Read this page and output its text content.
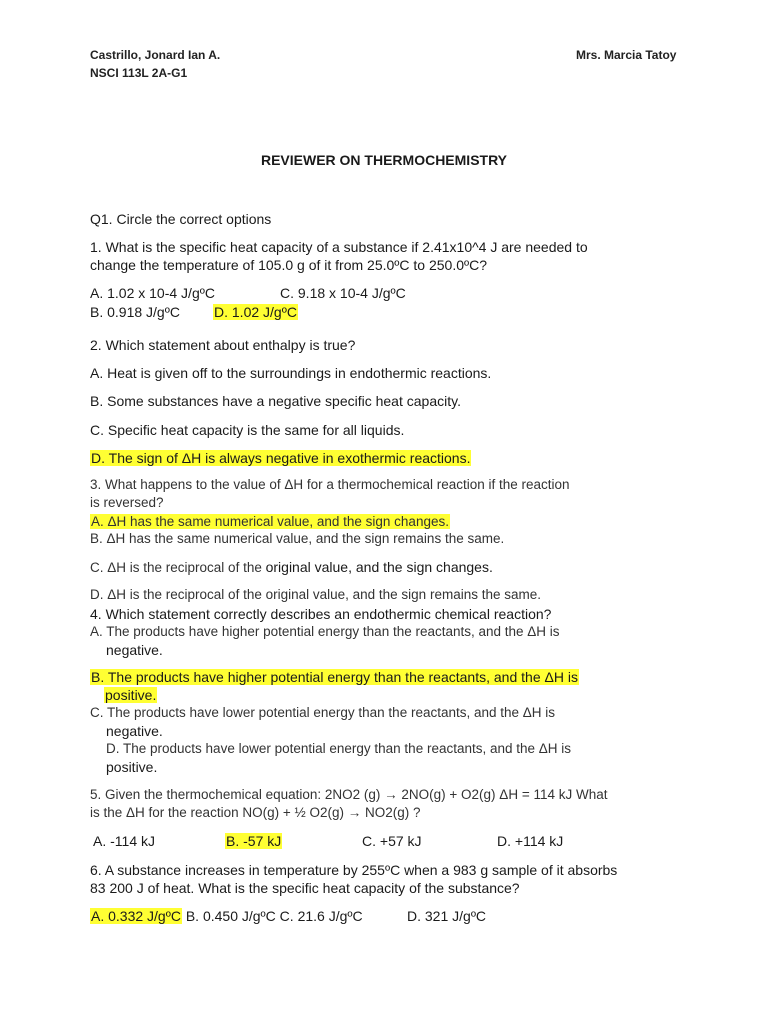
Castrillo, Jonard Ian A.
NSCI 113L 2A-G1
Mrs. Marcia Tatoy
REVIEWER ON THERMOCHEMISTRY
Q1. Circle the correct options
1. What is the specific heat capacity of a substance if 2.41x10^4 J are needed to
change the temperature of 105.0 g of it from 25.0ºC to 250.0ºC?
A. 1.02 x 10-4 J/gºC	C. 9.18 x 10-4 J/gºC
B. 0.918 J/gºC D. 1.02 J/gºC
2. Which statement about enthalpy is true?
A. Heat is given off to the surroundings in endothermic reactions.
B. Some substances have a negative specific heat capacity.
C. Specific heat capacity is the same for all liquids.
D. The sign of ΔH is always negative in exothermic reactions.
3. What happens to the value of ΔH for a thermochemical reaction if the reaction
is reversed?
A. ΔH has the same numerical value, and the sign changes.
B. ΔH has the same numerical value, and the sign remains the same.
C. ΔH is the reciprocal of the original value, and the sign changes.
D. ΔH is the reciprocal of the original value, and the sign remains the same.
4. Which statement correctly describes an endothermic chemical reaction?
A. The products have higher potential energy than the reactants, and the ΔH is
negative.
B. The products have higher potential energy than the reactants, and the ΔH is
positive.
C. The products have lower potential energy than the reactants, and the ΔH is
negative.
D. The products have lower potential energy than the reactants, and the ΔH is
positive.
5. Given the thermochemical equation: 2NO2 (g) → 2NO(g) + O2(g) ΔH = 114 kJ What
is the ΔH for the reaction NO(g) + ½ O2(g) → NO2(g) ?
A. -114 kJ	B. -57 kJ	C. +57 kJ	D. +114 kJ
6. A substance increases in temperature by 255ºC when a 983 g sample of it absorbs
83 200 J of heat. What is the specific heat capacity of the substance?
A. 0.332 J/gºC B. 0.450 J/gºC C. 21.6 J/gºC	D. 321 J/gºC
